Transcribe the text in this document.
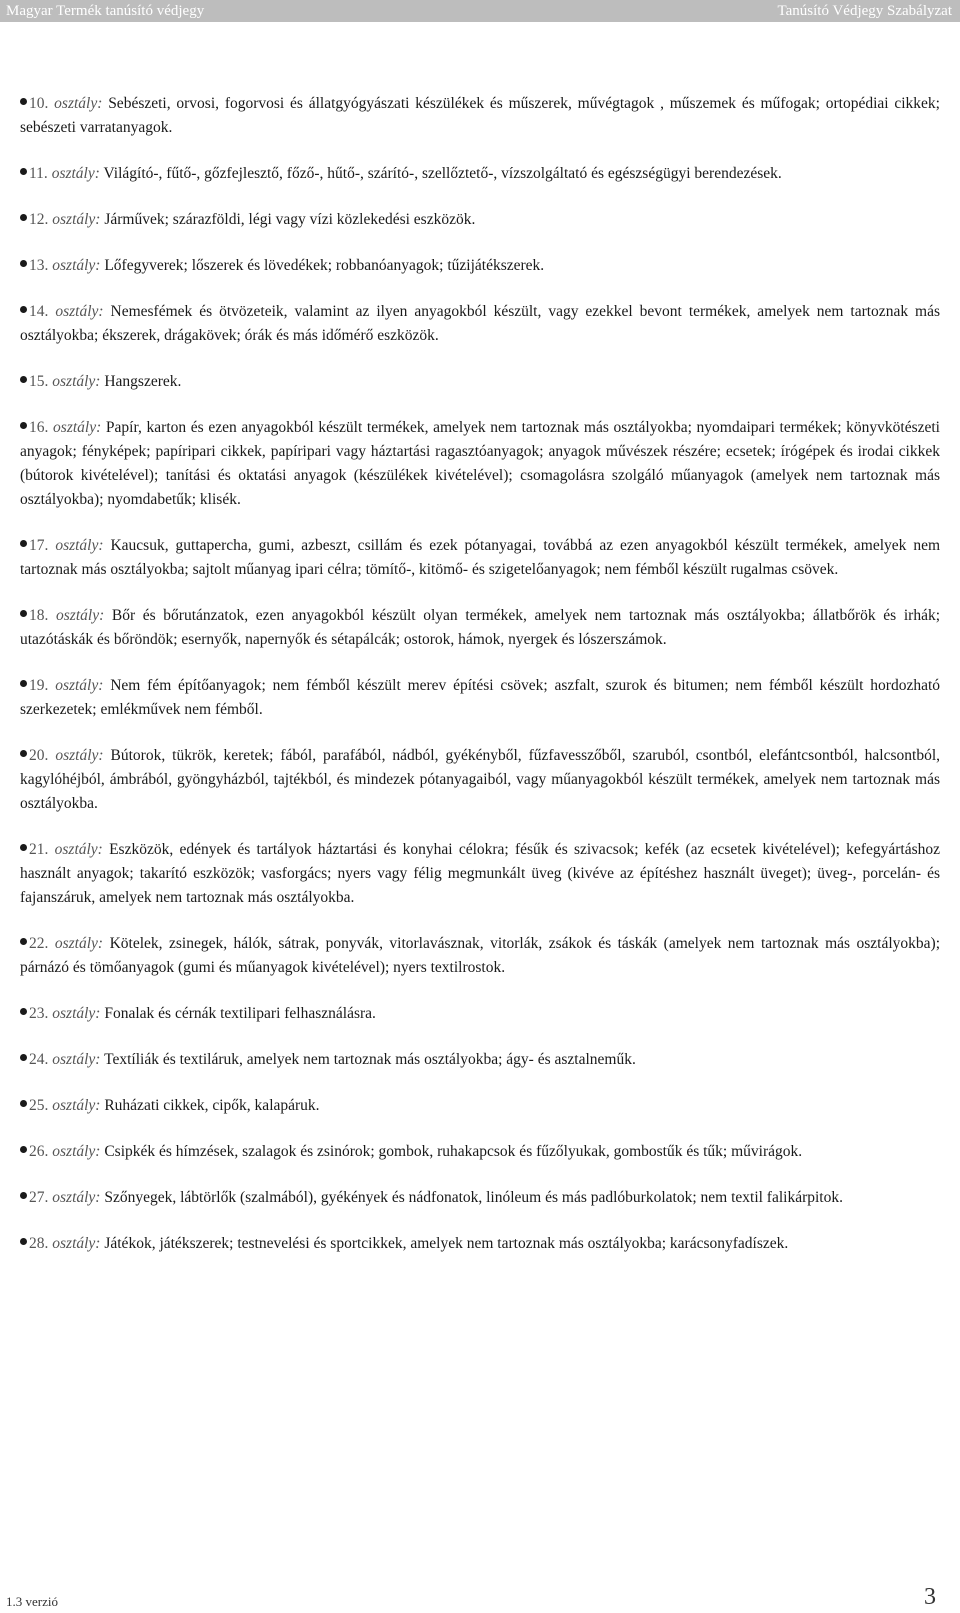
Magyar Termék tanúsító védjegy	Tanúsító Védjegy Szabályzat
10. osztály: Sebészeti, orvosi, fogorvosi és állatgyógyászati készülékek és műszerek, művégtagok , műszemek és műfogak; ortopédiai cikkek; sebészeti varratanyagok.
11. osztály: Világító-, fűtő-, gőzfejlesztő, főző-, hűtő-, szárító-, szellőztető-, vízszolgáltató és egészségügyi berendezések.
12. osztály: Járművek; szárazföldi, légi vagy vízi közlekedési eszközök.
13. osztály: Lőfegyverek; lőszerek és lövedékek; robbanóanyagok; tűzijátékszerek.
14. osztály: Nemesfémek és ötvözeteik, valamint az ilyen anyagokból készült, vagy ezekkel bevont termékek, amelyek nem tartoznak más osztályokba; ékszerek, drágakövek; órák és más időmérő eszközök.
15. osztály: Hangszerek.
16. osztály: Papír, karton és ezen anyagokból készült termékek, amelyek nem tartoznak más osztályokba; nyomdaipari termékek; könyvkötészeti anyagok; fényképek; papíripari cikkek, papíripari vagy háztartási ragasztóanyagok; anyagok művészek részére; ecsetek; írógépek és irodai cikkek (bútorok kivételével); tanítási és oktatási anyagok (készülékek kivételével); csomagolásra szolgáló műanyagok (amelyek nem tartoznak más osztályokba); nyomdabetűk; klisék.
17. osztály: Kaucsuk, guttapercha, gumi, azbeszt, csillám és ezek pótanyagai, továbbá az ezen anyagokból készült termékek, amelyek nem tartoznak más osztályokba; sajtolt műanyag ipari célra; tömítő-, kitömő- és szigetelőanyagok; nem fémből készült rugalmas csövek.
18. osztály: Bőr és bőrutánzatok, ezen anyagokból készült olyan termékek, amelyek nem tartoznak más osztályokba; állatbőrök és irhák; utazótáskák és bőröndök; esernyők, napernyők és sétapálcák; ostorok, hámok, nyergek és lószerszámok.
19. osztály: Nem fém építőanyagok; nem fémből készült merev építési csövek; aszfalt, szurok és bitumen; nem fémből készült hordozható szerkezetek; emlékművek nem fémből.
20. osztály: Bútorok, tükrök, keretek; fából, parafából, nádból, gyékényből, fűzfavesszőből, szaruból, csontból, elefántcsontból, halcsontból, kagylóhéjból, ámbrából, gyöngyházból, tajtékból, és mindezek pótanyagaiból, vagy műanyagokból készült termékek, amelyek nem tartoznak más osztályokba.
21. osztály: Eszközök, edények és tartályok háztartási és konyhai célokra; fésűk és szivacsok; kefék (az ecsetek kivételével); kefegyártáshoz használt anyagok; takarító eszközök; vasforgács; nyers vagy félig megmunkált üveg (kivéve az építéshez használt üveget); üveg-, porcelán- és fajanszáruk, amelyek nem tartoznak más osztályokba.
22. osztály: Kötelek, zsinegek, hálók, sátrak, ponyvák, vitorlavásznak, vitorlák, zsákok és táskák (amelyek nem tartoznak más osztályokba); párnázó és tömőanyagok (gumi és műanyagok kivételével); nyers textilrostok.
23. osztály: Fonalak és cérnák textilipari felhasználásra.
24. osztály: Textíliák és textiláruk, amelyek nem tartoznak más osztályokba; ágy- és asztalneműk.
25. osztály: Ruházati cikkek, cipők, kalapáruk.
26. osztály: Csipkék és hímzések, szalagok és zsinórok; gombok, ruhakapcsok és fűzőlyukak, gombostűk és tűk; művirágok.
27. osztály: Szőnyegek, lábtörlők (szalmából), gyékények és nádfonatok, linóleum és más padlóburkolatok; nem textil falikárpitok.
28. osztály: Játékok, játékszerek; testnevelési és sportcikkek, amelyek nem tartoznak más osztályokba; karácsonyfadíszek.
1.3 verzió	3
